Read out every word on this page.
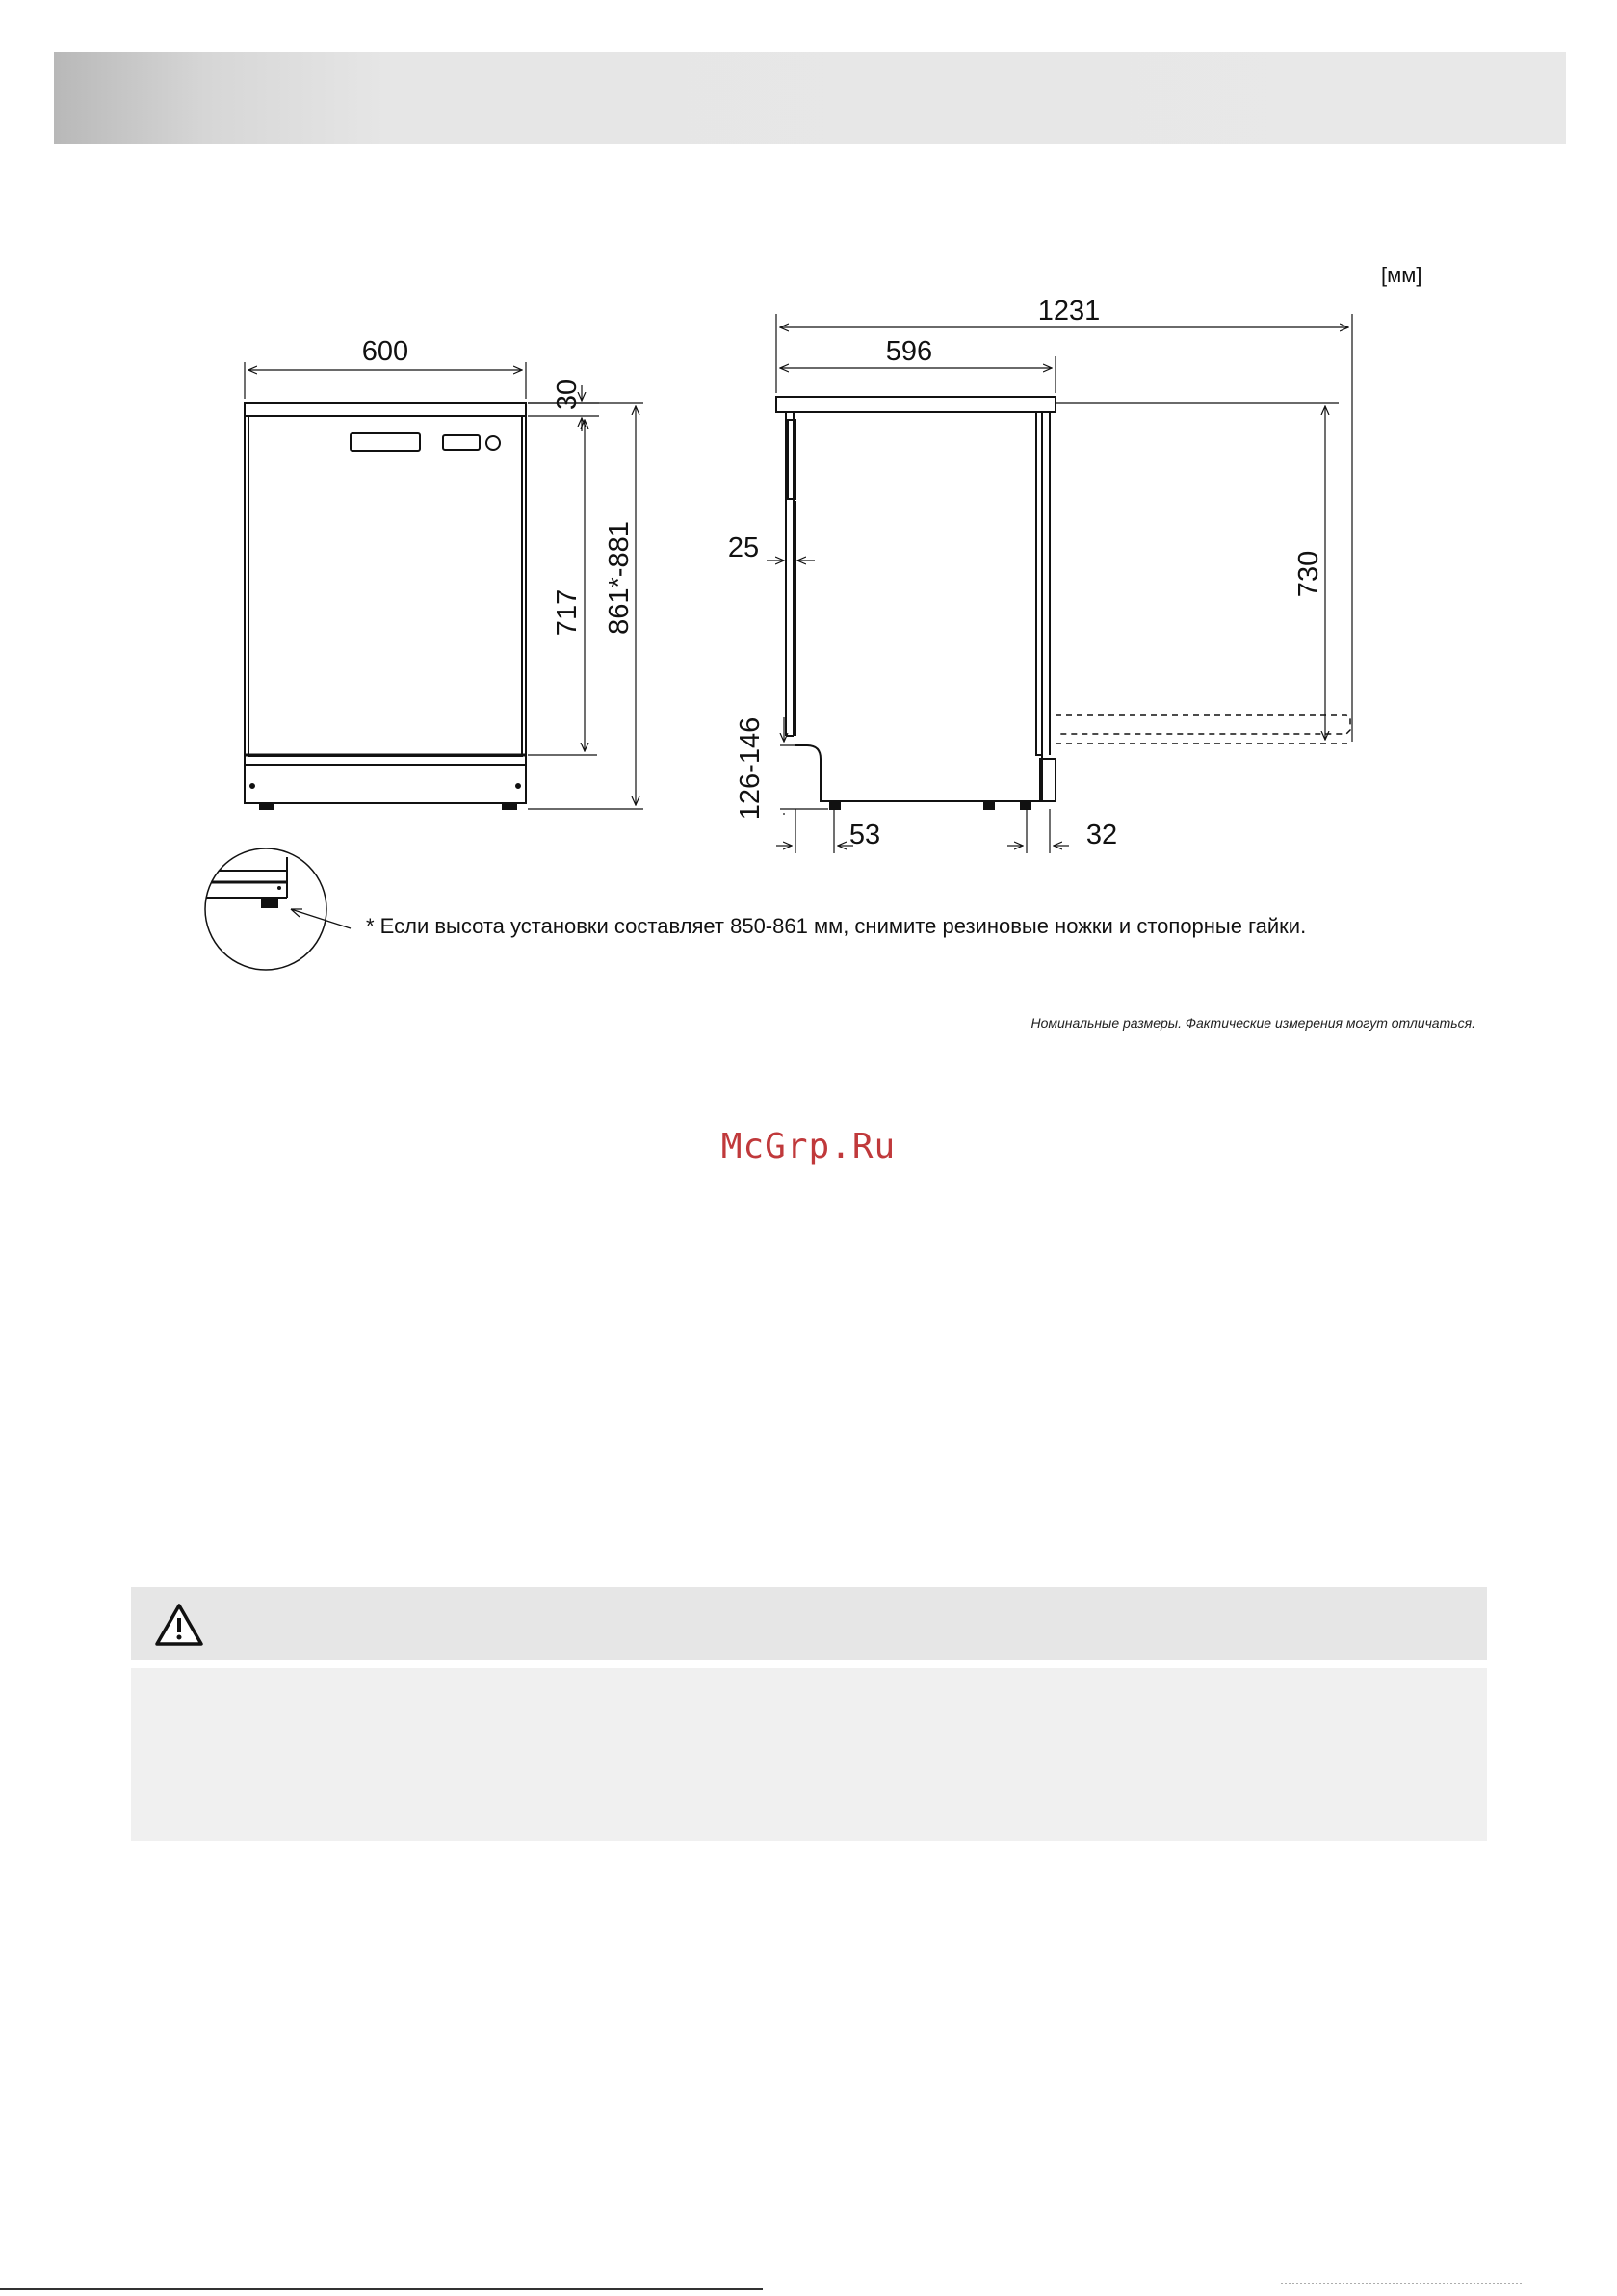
[мм]
600
30
717 861*-881
1231
596
730
25
126-146
53	32
* Если высота установки составляет 850-861 мм, снимите резиновые ножки и стопорные гайки.
Номинальные размеры. Фактические измерения могут отличаться.
McGrp.Ru
